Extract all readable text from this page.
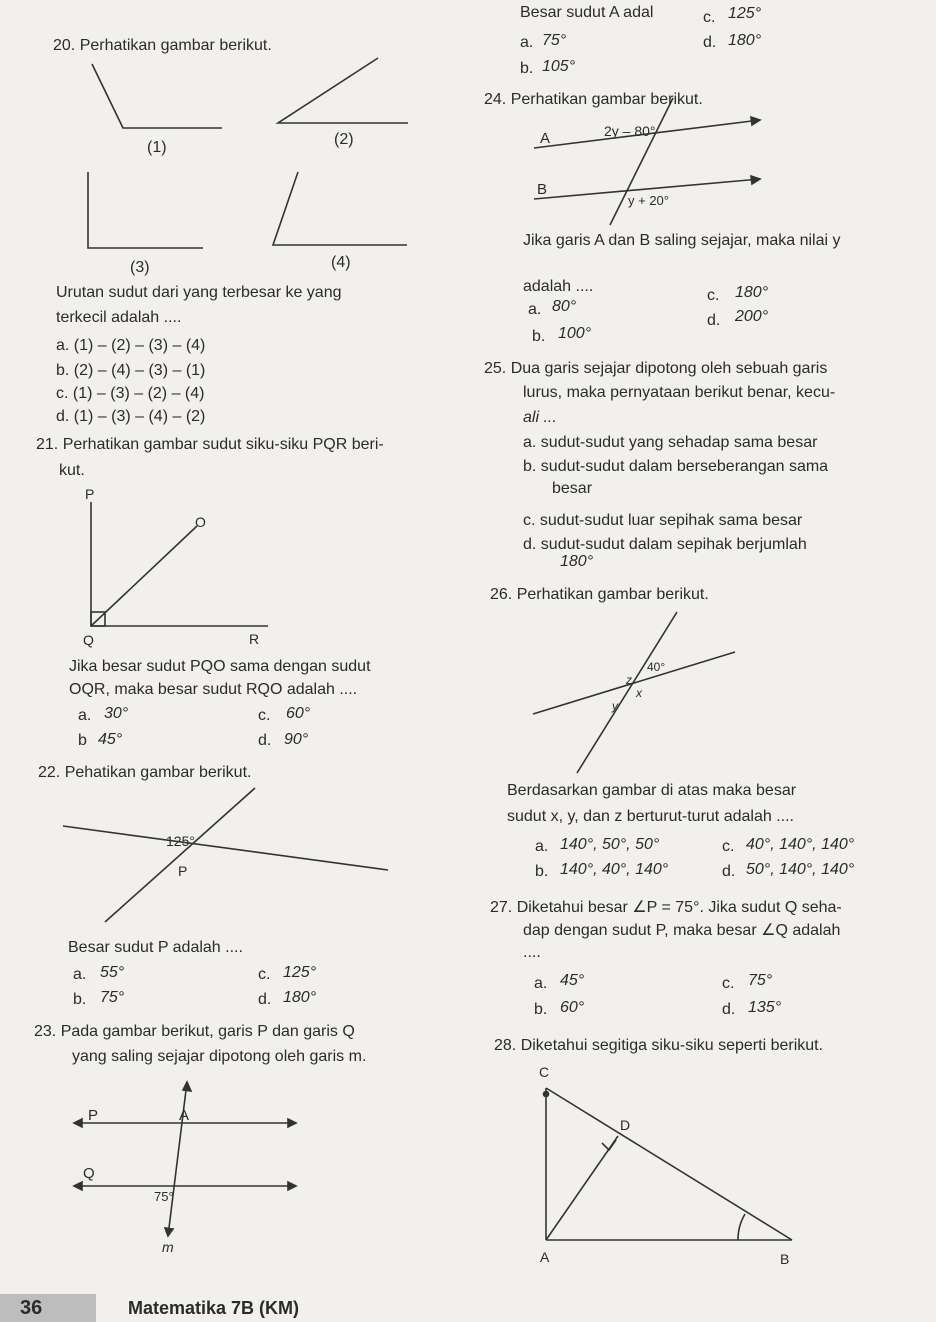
(1)	(2)
(3)	(4)
P
O
Q	R
125°
P
P	A
Q
75°
m
A	2y – 80°
B
y + 20°
40°
z
x
y
C
D
A	B
Besar sudut A adal	c. 125°
a. 75°	d. 180°
b. 105°
20. Perhatikan gambar berikut.
Urutan sudut dari yang terbesar ke yang
terkecil adalah ....
a. (1) – (2) – (3) – (4)
b. (2) – (4) – (3) – (1)
c. (1) – (3) – (2) – (4)
d. (1) – (3) – (4) – (2)
21. Perhatikan gambar sudut siku-siku PQR beri-
kut.
Jika besar sudut PQO sama dengan sudut
OQR, maka besar sudut RQO adalah ....
a. 30°	c. 60°
b 45°	d. 90°
22. Pehatikan gambar berikut.
Besar sudut P adalah ....
a. 55°	c. 125°
b. 75°	d. 180°
23. Pada gambar berikut, garis P dan garis Q
yang saling sejajar dipotong oleh garis m.
24. Perhatikan gambar berikut.
Jika garis A dan B saling sejajar, maka nilai y
adalah ....
a. 80°
c. 180°
b. 100°
d. 200°
25. Dua garis sejajar dipotong oleh sebuah garis
lurus, maka pernyataan berikut benar, kecu-
ali ...
a. sudut-sudut yang sehadap sama besar
b. sudut-sudut dalam berseberangan sama
besar
c. sudut-sudut luar sepihak sama besar
d. sudut-sudut dalam sepihak berjumlah
180°
26. Perhatikan gambar berikut.
Berdasarkan gambar di atas maka besar
sudut x, y, dan z berturut-turut adalah ....
a. 140°, 50°, 50°	c. 40°, 140°, 140°
b. 140°, 40°, 140°	d. 50°, 140°, 140°
27. Diketahui besar ∠P = 75°. Jika sudut Q seha-
dap dengan sudut P, maka besar ∠Q adalah
....
a. 45°	c. 75°
b. 60°	d. 135°
28. Diketahui segitiga siku-siku seperti berikut.
36	Matematika 7B (KM)
